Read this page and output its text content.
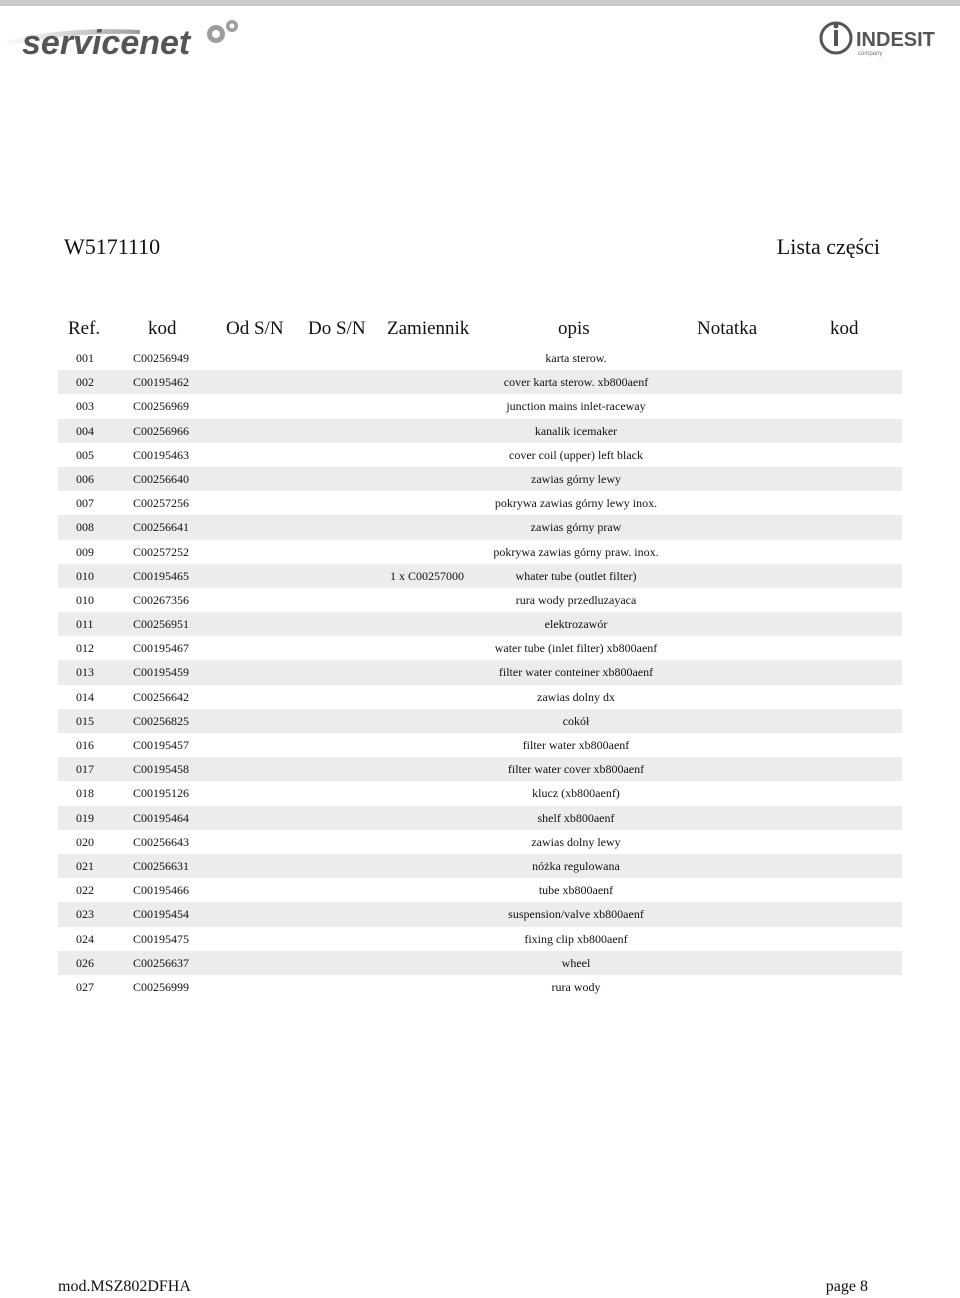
servicenet	INDESIT
company
W5171110	Lista części
Ref.	kod	Od S/N Do S/N Zamiennik	opis	Notatka	kod
001	C00256949	karta sterow.
002	C00195462	cover karta sterow. xb800aenf
003	C00256969	junction mains inlet-raceway
004	C00256966	kanalik icemaker
005	C00195463	cover coil (upper) left black
006	C00256640	zawias górny lewy
007	C00257256	pokrywa zawias górny lewy inox.
008	C00256641	zawias górny praw
009	C00257252	pokrywa zawias górny praw. inox.
010	C00195465	1 x C00257000	whater tube (outlet filter)
010	C00267356	rura wody przedluzayaca
011	C00256951	elektrozawór
012	C00195467	water tube (inlet filter) xb800aenf
013	C00195459	filter water conteiner xb800aenf
014	C00256642	zawias dolny dx
015	C00256825	cokół
016	C00195457	filter water xb800aenf
017	C00195458	filter water cover xb800aenf
018	C00195126	klucz (xb800aenf)
019	C00195464	shelf xb800aenf
020	C00256643	zawias dolny lewy
021	C00256631	nóżka regulowana
022	C00195466	tube xb800aenf
023	C00195454	suspension/valve xb800aenf
024	C00195475	fixing clip xb800aenf
026	C00256637	wheel
027	C00256999	rura wody
mod.MSZ802DFHA	page 8
